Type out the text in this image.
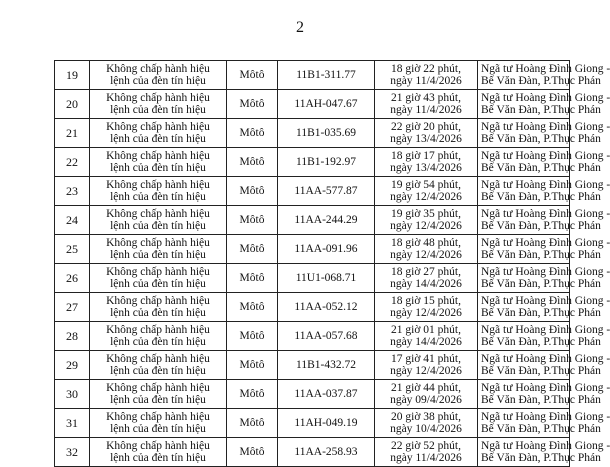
2
19	Không chấp hành hiệu
lệnh của đèn tín hiệu	Môtô	11B1-311.77	18 giờ 22 phút,
ngày 11/4/2026	Ngã tư Hoàng Đình Giong -
Bế Văn Đàn, P.Thục Phán

20	Không chấp hành hiệu
lệnh của đèn tín hiệu	Môtô	11AH-047.67	21 giờ 43 phút,
ngày 11/4/2026	Ngã tư Hoàng Đình Giong -
Bế Văn Đàn, P.Thục Phán

21	Không chấp hành hiệu
lệnh của đèn tín hiệu	Môtô	11B1-035.69	22 giờ 20 phút,
ngày 13/4/2026	Ngã tư Hoàng Đình Giong -
Bế Văn Đàn, P.Thục Phán

22	Không chấp hành hiệu
lệnh của đèn tín hiệu	Môtô	11B1-192.97	18 giờ 17 phút,
ngày 13/4/2026	Ngã tư Hoàng Đình Giong -
Bế Văn Đàn, P.Thục Phán

23	Không chấp hành hiệu
lệnh của đèn tín hiệu	Môtô	11AA-577.87	19 giờ 54 phút,
ngày 12/4/2026	Ngã tư Hoàng Đình Giong -
Bế Văn Đàn, P.Thục Phán

24	Không chấp hành hiệu
lệnh của đèn tín hiệu	Môtô	11AA-244.29	19 giờ 35 phút,
ngày 12/4/2026	Ngã tư Hoàng Đình Giong -
Bế Văn Đàn, P.Thục Phán

25	Không chấp hành hiệu
lệnh của đèn tín hiệu	Môtô	11AA-091.96	18 giờ 48 phút,
ngày 12/4/2026	Ngã tư Hoàng Đình Giong -
Bế Văn Đàn, P.Thục Phán

26	Không chấp hành hiệu
lệnh của đèn tín hiệu	Môtô	11U1-068.71	18 giờ 27 phút,
ngày 14/4/2026	Ngã tư Hoàng Đình Giong -
Bế Văn Đàn, P.Thục Phán

27	Không chấp hành hiệu
lệnh của đèn tín hiệu	Môtô	11AA-052.12	18 giờ 15 phút,
ngày 12/4/2026	Ngã tư Hoàng Đình Giong -
Bế Văn Đàn, P.Thục Phán

28	Không chấp hành hiệu
lệnh của đèn tín hiệu	Môtô	11AA-057.68	21 giờ 01 phút,
ngày 14/4/2026	Ngã tư Hoàng Đình Giong -
Bế Văn Đàn, P.Thục Phán

29	Không chấp hành hiệu
lệnh của đèn tín hiệu	Môtô	11B1-432.72	17 giờ 41 phút,
ngày 12/4/2026	Ngã tư Hoàng Đình Giong -
Bế Văn Đàn, P.Thục Phán

30	Không chấp hành hiệu
lệnh của đèn tín hiệu	Môtô	11AA-037.87	21 giờ 44 phút,
ngày 09/4/2026	Ngã tư Hoàng Đình Giong -
Bế Văn Đàn, P.Thục Phán

31	Không chấp hành hiệu
lệnh của đèn tín hiệu	Môtô	11AH-049.19	20 giờ 38 phút,
ngày 10/4/2026	Ngã tư Hoàng Đình Giong -
Bế Văn Đàn, P.Thục Phán

32	Không chấp hành hiệu
lệnh của đèn tín hiệu	Môtô	11AA-258.93	22 giờ 52 phút,
ngày 11/4/2026	Ngã tư Hoàng Đình Giong -
Bế Văn Đàn, P.Thục Phán
